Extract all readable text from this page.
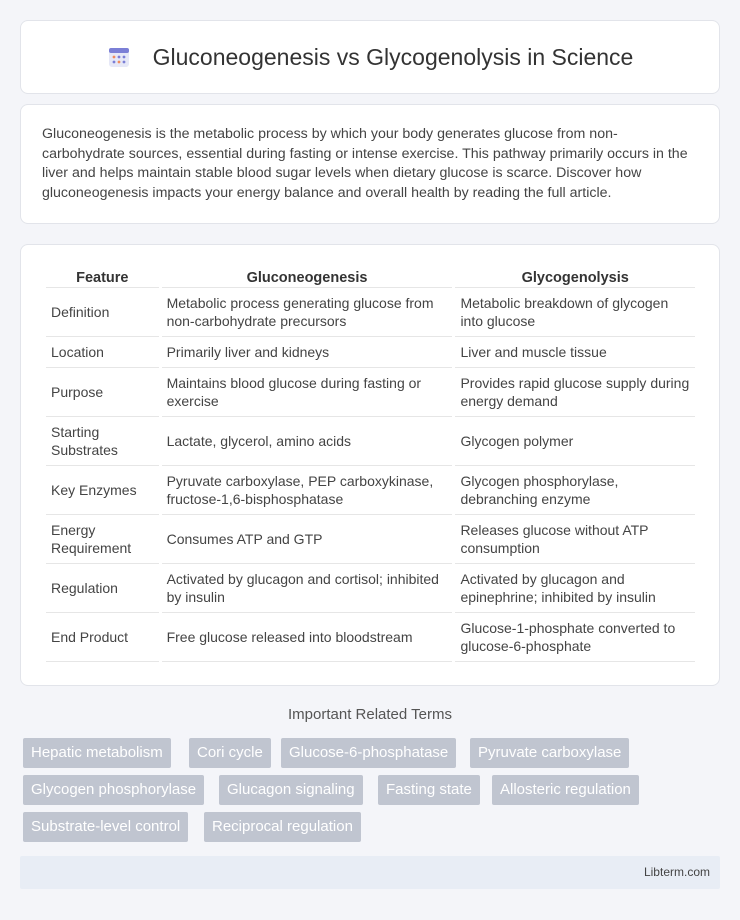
Gluconeogenesis vs Glycogenolysis in Science

Gluconeogenesis is the metabolic process by which your body generates glucose from non-carbohydrate sources, essential during fasting or intense exercise. This pathway primarily occurs in the liver and helps maintain stable blood sugar levels when dietary glucose is scarce. Discover how gluconeogenesis impacts your energy balance and overall health by reading the full article.

Feature	Gluconeogenesis	Glycogenolysis
Definition	Metabolic process generating glucose from non-carbohydrate precursors	Metabolic breakdown of glycogen into glucose
Location	Primarily liver and kidneys	Liver and muscle tissue
Purpose	Maintains blood glucose during fasting or exercise	Provides rapid glucose supply during energy demand
Starting Substrates	Lactate, glycerol, amino acids	Glycogen polymer
Key Enzymes	Pyruvate carboxylase, PEP carboxykinase, fructose-1,6-bisphosphatase	Glycogen phosphorylase, debranching enzyme
Energy Requirement	Consumes ATP and GTP	Releases glucose without ATP consumption
Regulation	Activated by glucagon and cortisol; inhibited by insulin	Activated by glucagon and epinephrine; inhibited by insulin
End Product	Free glucose released into bloodstream	Glucose-1-phosphate converted to glucose-6-phosphate
Important Related Terms
Hepatic metabolism	Cori cycle	Glucose-6-phosphatase	Pyruvate carboxylase
Glycogen phosphorylase	Glucagon signaling	Fasting state	Allosteric regulation
Substrate-level control	Reciprocal regulation
Libterm.com
